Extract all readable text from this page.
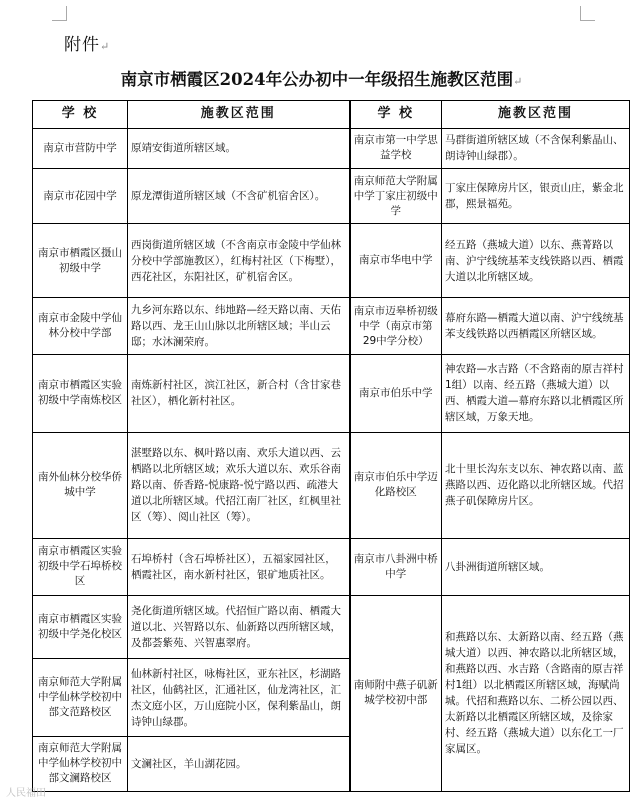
附件↵
南京市栖霞区2024年公办初中一年级招生施教区范围↵
学 校	施教区范围	学 校	施教区范围
南京市营防中学	原靖安街道所辖区域。	南京市第一中学思益学校	马群街道所辖区域（不含保利紫晶山、朗诗钟山绿郡）。
南京市花园中学	原龙潭街道所辖区域（不含矿机宿舍区）。	南京师范大学附属中学丁家庄初级中学	丁家庄保障房片区，银贡山庄，紫金北郡，熙景福苑。
南京市栖霞区摄山初级中学	西岗街道所辖区域（不含南京市金陵中学仙林分校中学部施教区），红梅村社区（下梅墅），西花社区，东阳社区，矿机宿舍区。	南京市华电中学	经五路（燕城大道）以东、燕菁路以南、沪宁线统基苯支线铁路以西、栖霞大道以北所辖区域。
南京市金陵中学仙林分校中学部	九乡河东路以东、纬地路—经天路以南、天佑路以西、龙王山山脉以北所辖区域；半山云邸；水沐澜荣府。	南京市迈皋桥初级中学（南京市第29中学分校）	幕府东路—栖霞大道以南、沪宁线统基苯支线铁路以西栖霞区所辖区域。
南京市栖霞区实验初级中学南炼校区	南炼新村社区，滨江社区，新合村（含甘家巷社区），栖化新村社区。	南京市伯乐中学	神农路—水吉路（不含路南的原吉祥村1组）以南、经五路（燕城大道）以西、栖霞大道—幕府东路以北栖霞区所辖区域，万象天地。
南外仙林分校华侨城中学	湛墅路以东、枫叶路以南、欢乐大道以西、云栖路以北所辖区域；欢乐大道以东、欢乐谷南路以南、侨香路-悦康路-悦宁路以西、疏港大道以北所辖区域。代招江南厂社区，红枫里社区（筹）、阅山社区（筹）。	南京市伯乐中学迈化路校区	北十里长沟东支以东、神农路以南、蓝燕路以西、迈化路以北所辖区域。代招燕子矶保障房片区。
南京市栖霞区实验初级中学石埠桥校区	石埠桥村（含石埠桥社区），五福家园社区，栖霞社区，南水新村社区，银矿地质社区。	南京市八卦洲中桥中学	八卦洲街道所辖区域。
南京市栖霞区实验初级中学尧化校区	尧化街道所辖区域。代招恒广路以南、栖霞大道以北、兴智路以东、仙新路以西所辖区域，及都荟紫苑、兴智惠翠府。	南师附中燕子矶新城学校初中部	和燕路以东、太新路以南、经五路（燕城大道）以西、神农路以北所辖区域，和燕路以西、水吉路（含路南的原吉祥村1组）以北栖霞区所辖区域，海赋尚城。代招和燕路以东、二桥公园以西、太新路以北栖霞区所辖区域，及徐家村、经五路（燕城大道）以东化工一厂家属区。
南京师范大学附属中学仙林学校初中部文范路校区	仙林新村社区，咏梅社区，亚东社区，杉湖路社区，仙鹤社区，汇通社区，仙龙湾社区，汇杰文庭小区，万山庭院小区，保利紫晶山，朗诗钟山绿郡。		
南京师范大学附属中学仙林学校初中部文澜路校区	文澜社区，羊山湖花园。		
人民福田
